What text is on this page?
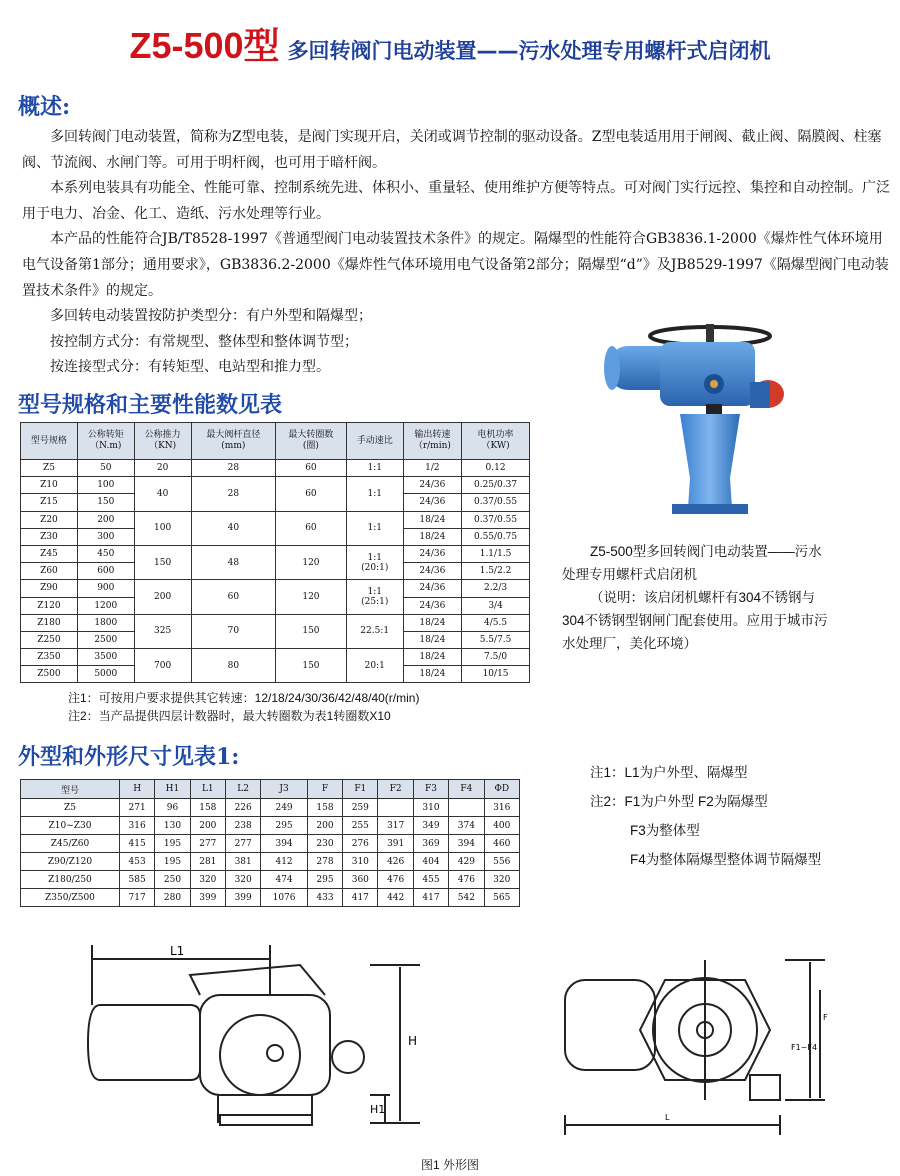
Z5-500型 多回转阀门电动装置——污水处理专用螺杆式启闭机
概述:

多回转阀门电动装置，简称为Z型电装，是阀门实现开启，关闭或调节控制的驱动设备。Z型电装适用用于闸阀、截止阀、隔膜阀、柱塞阀、节流阀、水闸门等。可用于明杆阀，也可用于暗杆阀。

本系列电装具有功能全、性能可靠、控制系统先进、体积小、重量轻、使用维护方便等特点。可对阀门实行远控、集控和自动控制。广泛用于电力、冶金、化工、造纸、污水处理等行业。

本产品的性能符合JB/T8528-1997《普通型阀门电动装置技术条件》的规定。隔爆型的性能符合GB3836.1-2000《爆炸性气体环境用电气设备第1部分；通用要求》，GB3836.2-2000《爆炸性气体环境用电气设备第2部分；隔爆型“d”》及JB8529-1997《隔爆型阀门电动装置技术条件》的规定。

多回转电动装置按防护类型分：有户外型和隔爆型；

按控制方式分：有常规型、整体型和整体调节型；

按连接型式分：有转矩型、电站型和推力型。

Z5-500型多回转阀门电动装置——污水
处理专用螺杆式启闭机
（说明：该启闭机螺杆有304不锈钢与
304不锈钢型钢闸门配套使用。应用于城市污
水处理厂，美化环境）
型号规格和主要性能数见表
型号规格	公称转矩
（N.m)	公称推力
（KN)	最大阀杆直径
(mm)	最大转圈数
(圈)	手动速比	输出转速
（r/min)	电机功率
（KW)
Z5	50	20	28	60	1:1	1/2	0.12
Z10	100	40	28	60	1:1	24/36	0.25/0.37
Z15	150					24/36	0.37/0.55
Z20	200	100	40	60	1:1	18/24	0.37/0.55
Z30	300					18/24	0.55/0.75
Z45	450	150	48	120	1:1
(20:1)	24/36	1.1/1.5
Z60	600					24/36	1.5/2.2
Z90	900	200	60	120	1:1
(25:1)	24/36	2.2/3
Z120	1200					24/36	3/4
Z180	1800	325	70	150	22.5:1	18/24	4/5.5
Z250	2500					18/24	5.5/7.5
Z350	3500	700	80	150	20:1	18/24	7.5/0
Z500	5000					18/24	10/15
注1：可按用户要求提供其它转速：12/18/24/30/36/42/48/40(r/min)
注2：当产品提供四层计数器时，最大转圈数为表1转圈数X10
外型和外形尺寸见表1:
型号	H	H1	L1	L2	J3	F	F1	F2	F3	F4	ΦD
Z5	271	96	158	226	249	158	259		310		316
Z10~Z30	316	130	200	238	295	200	255	317	349	374	400
Z45/Z60	415	195	277	277	394	230	276	391	369	394	460
Z90/Z120	453	195	281	381	412	278	310	426	404	429	556
Z180/250	585	250	320	320	474	295	360	476	455	476	320
Z350/Z500	717	280	399	399	1076	433	417	442	417	542	565
注1：L1为户外型、隔爆型
注2：F1为户外型 F2为隔爆型
F3为整体型
F4为整体隔爆型整体调节隔爆型
L1
H
H1
F
F1~F4
L
图1 外形图
